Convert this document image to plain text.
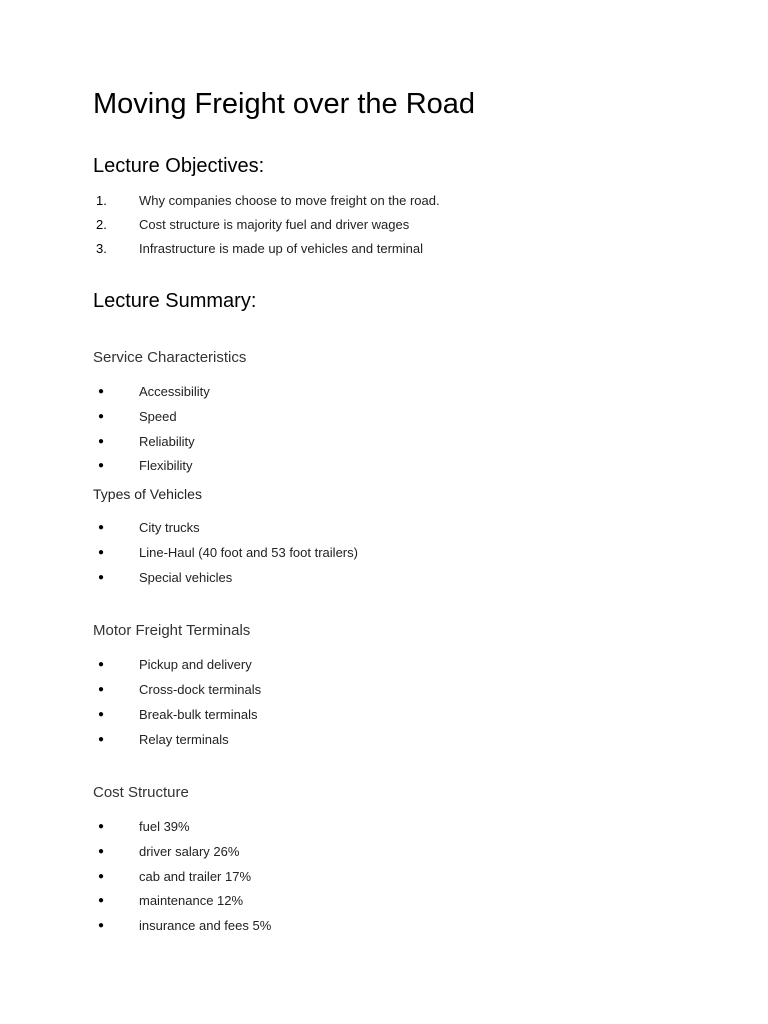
Moving Freight over the Road
Lecture Objectives:
1. Why companies choose to move freight on the road.
2. Cost structure is majority fuel and driver wages
3. Infrastructure is made up of vehicles and terminal
Lecture Summary:
Service Characteristics
●	Accessibility
●	Speed
●	Reliability
●	Flexibility
Types of Vehicles
●	City trucks
●	Line-Haul (40 foot and 53 foot trailers)
●	Special vehicles
Motor Freight Terminals
●	Pickup and delivery
●	Cross-dock terminals
●	Break-bulk terminals
●	Relay terminals
Cost Structure
●	fuel 39%
●	driver salary 26%
●	cab and trailer 17%
●	maintenance 12%
●	insurance and fees 5%
